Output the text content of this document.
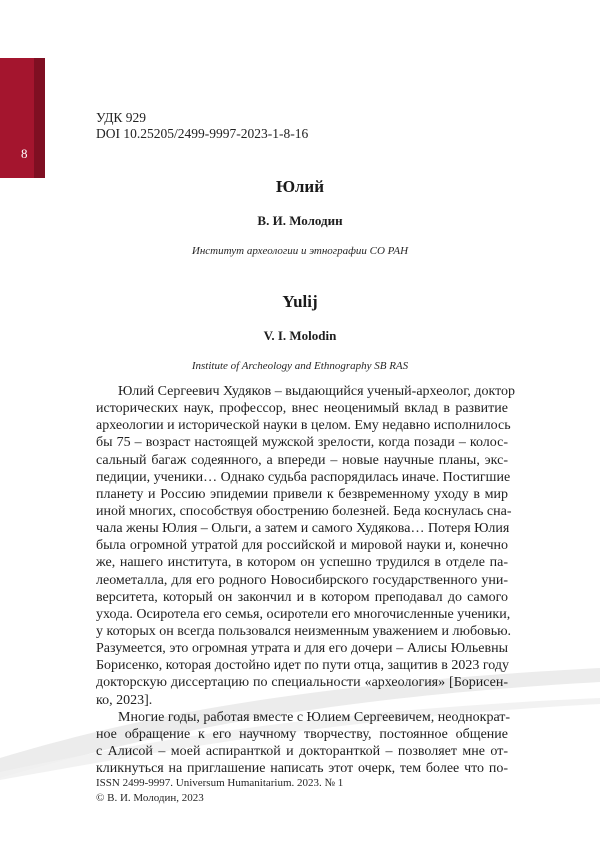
8
УДК 929
DOI 10.25205/2499-9997-2023-1-8-16
Юлий
В. И. Молодин
Институт археологии и этнографии СО РАН
Yulij
V. I. Molodin
Institute of Archeology and Ethnography SB RAS
Юлий Сергеевич Худяков – выдающийся ученый-археолог, доктор
исторических наук, профессор, внес неоценимый вклад в развитие
археологии и исторической науки в целом. Ему недавно исполнилось
бы 75 – возраст настоящей мужской зрелости, когда позади – колос-
сальный багаж содеянного, а впереди – новые научные планы, экс-
педиции, ученики… Однако судьба распорядилась иначе. Постигшие
планету и Россию эпидемии привели к безвременному уходу в мир
иной многих, способствуя обострению болезней. Беда коснулась сна-
чала жены Юлия – Ольги, а затем и самого Худякова… Потеря Юлия
была огромной утратой для российской и мировой науки и, конечно
же, нашего института, в котором он успешно трудился в отделе па-
леометалла, для его родного Новосибирского государственного уни-
верситета, который он закончил и в котором преподавал до самого
ухода. Осиротела его семья, осиротели его многочисленные ученики,
у которых он всегда пользовался неизменным уважением и любовью.
Разумеется, это огромная утрата и для его дочери – Алисы Юльевны
Борисенко, которая достойно идет по пути отца, защитив в 2023 году
докторскую диссертацию по специальности «археология» [Борисен-
ко, 2023].
Многие годы, работая вместе с Юлием Сергеевичем, неоднократ-
ное обращение к его научному творчеству, постоянное общение
с Алисой – моей аспиранткой и докторанткой – позволяет мне от-
кликнуться на приглашение написать этот очерк, тем более что по-
ISSN 2499-9997. Universum Humanitarium. 2023. № 1
© В. И. Молодин, 2023
